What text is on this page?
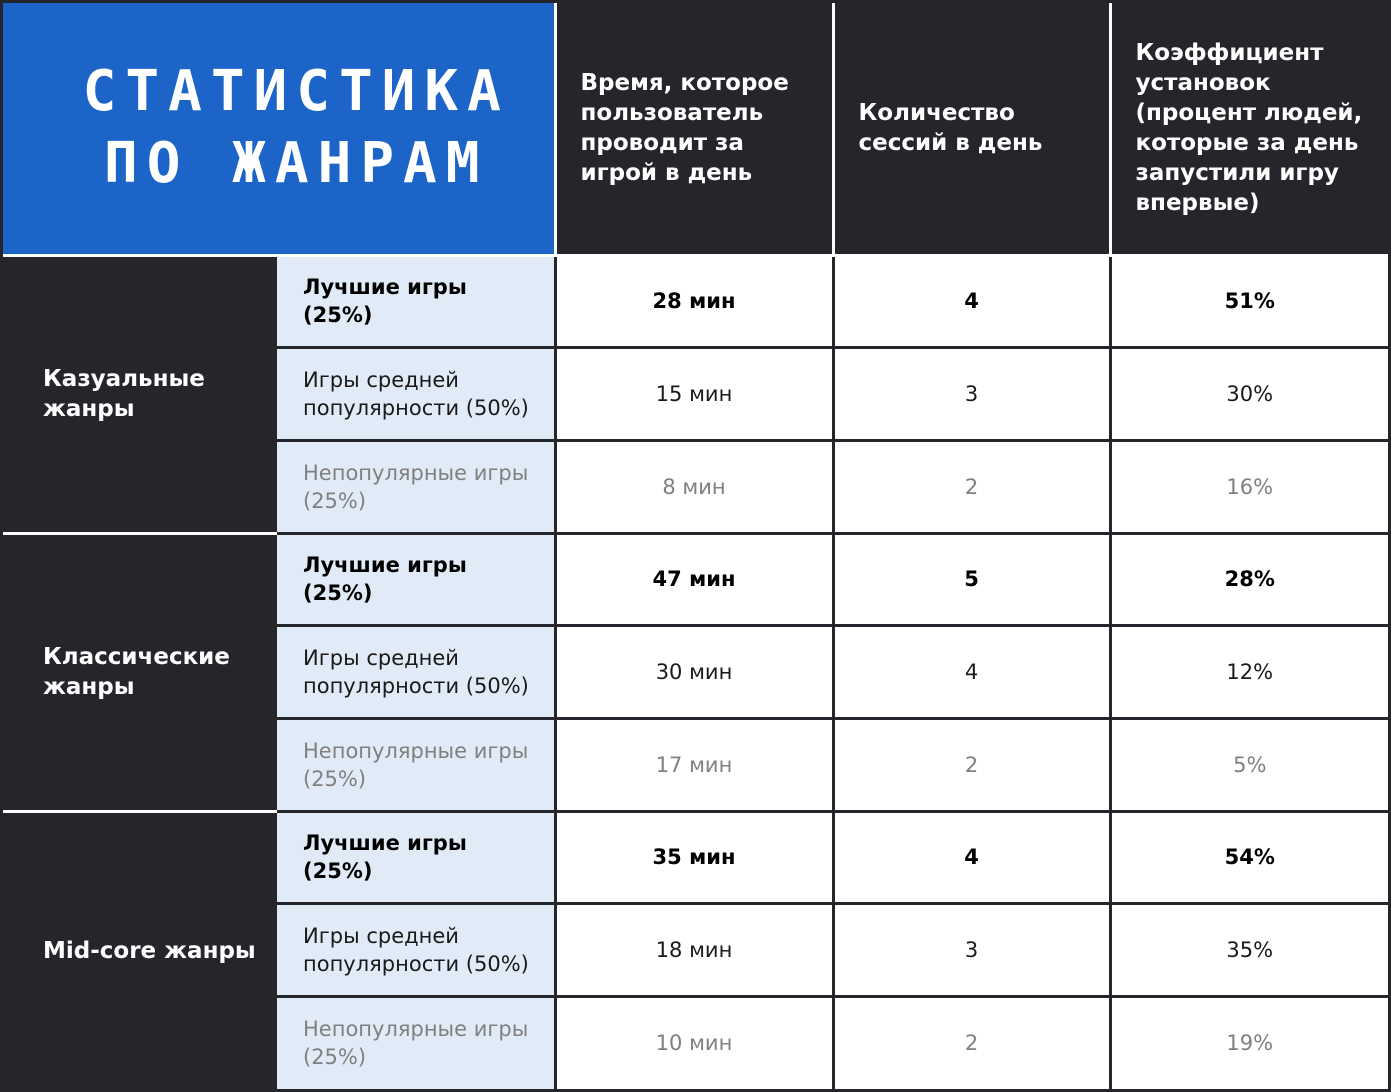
СТАТИСТИКА
ПО ЖАНРАМ		Время, которое пользователь проводит за игрой в день	Количество сессий в день	Коэффициент установок (процент людей, которые за день запустили игру впервые)
Казуальные жанры	Лучшие игры (25%)	28 мин	4	51%
	Игры средней популярности (50%)	15 мин	3	30%
	Непопулярные игры (25%)	8 мин	2	16%
Классические жанры	Лучшие игры (25%)	47 мин	5	28%
	Игры средней популярности (50%)	30 мин	4	12%
	Непопулярные игры (25%)	17 мин	2	5%
Mid-core жанры	Лучшие игры (25%)	35 мин	4	54%
	Игры средней популярности (50%)	18 мин	3	35%
	Непопулярные игры (25%)	10 мин	2	19%
